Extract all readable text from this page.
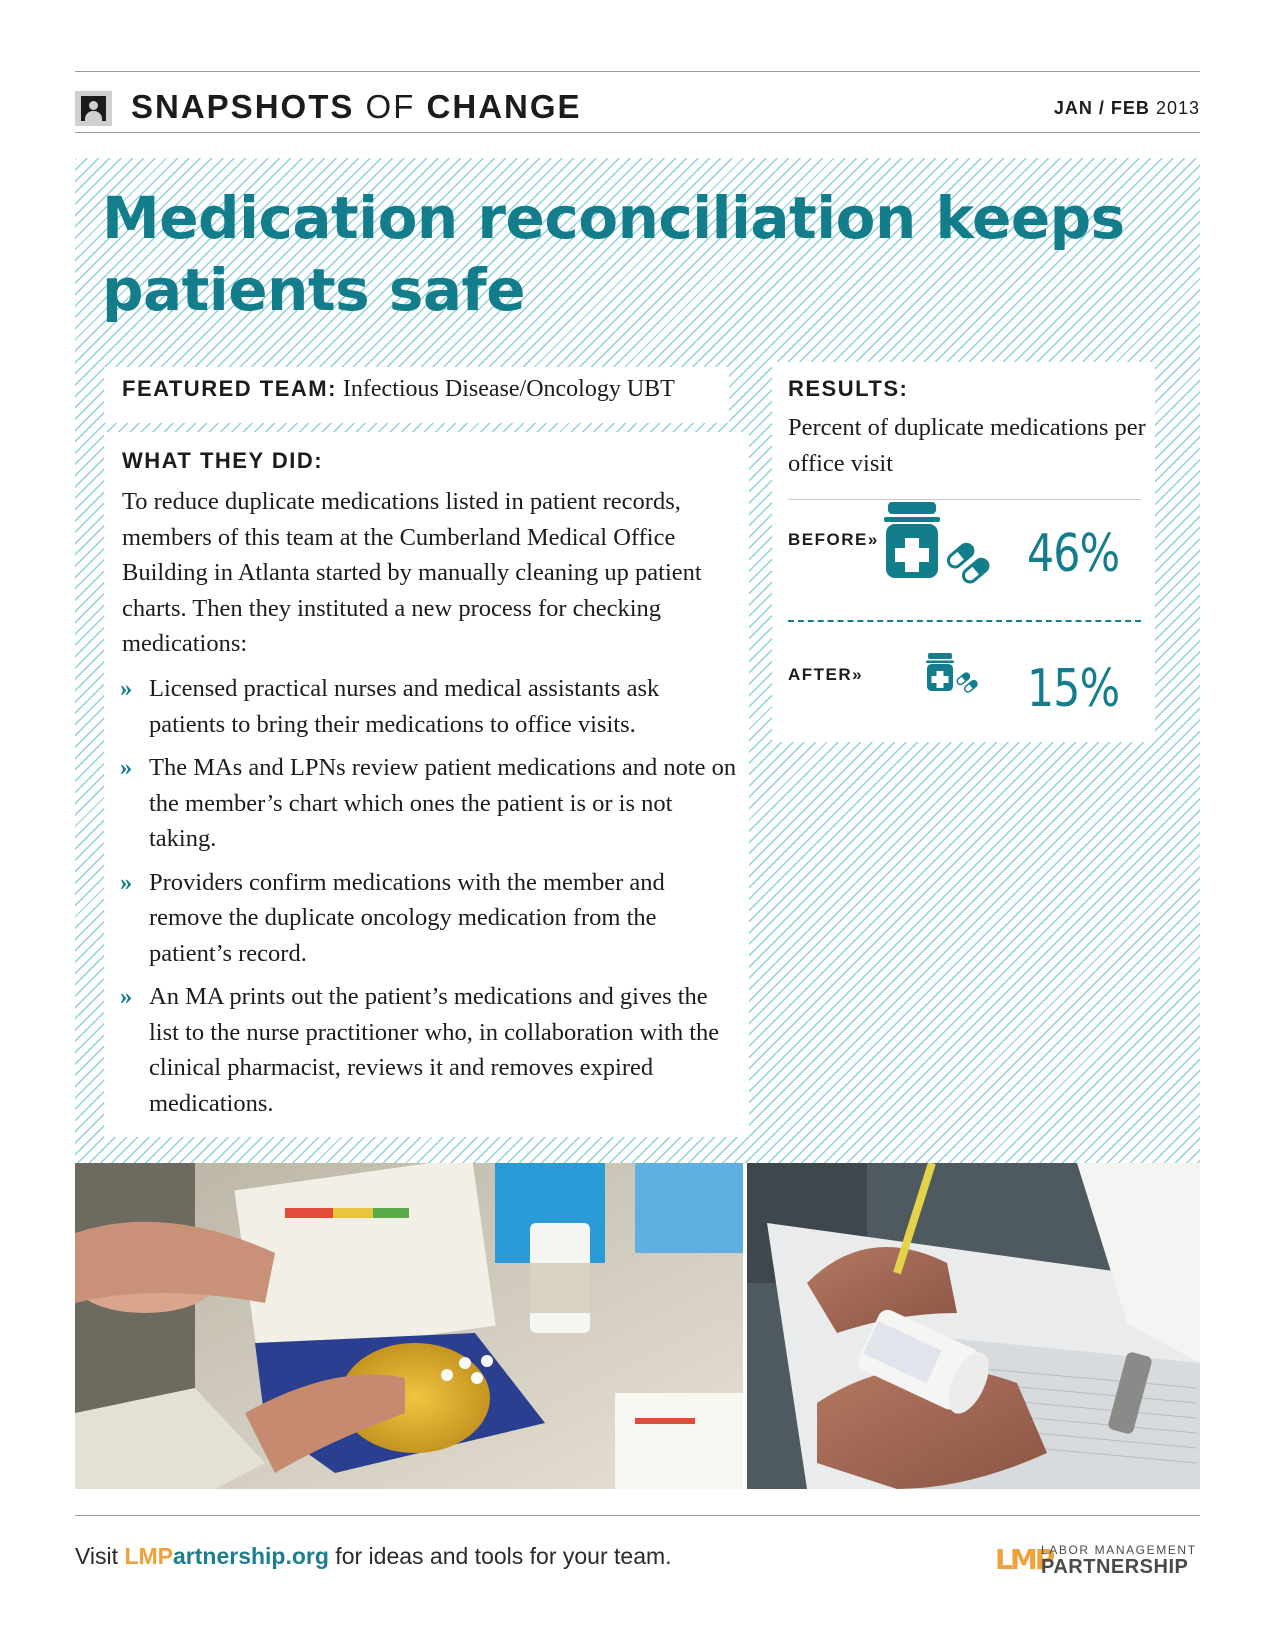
SNAPSHOTS OF CHANGE	JAN / FEB 2013
Medication reconciliation keeps patients safe
FEATURED TEAM: Infectious Disease/Oncology UBT
WHAT THEY DID:

To reduce duplicate medications listed in patient records, members of this team at the Cumberland Medical Office Building in Atlanta started by manually cleaning up patient charts. Then they instituted a new process for checking medications:

» Licensed practical nurses and medical assistants ask patients to bring their medications to office visits.
» The MAs and LPNs review patient medications and note on the member’s chart which ones the patient is or is not taking.
» Providers confirm medications with the member and remove the duplicate oncology medication from the patient’s record.
» An MA prints out the patient’s medications and gives the list to the nurse practitioner who, in collaboration with the clinical pharmacist, reviews it and removes expired medications.
RESULTS:

Percent of duplicate medications per office visit

BEFORE»	46%
AFTER»	15%
Visit LMPartnership.org for ideas and tools for your team.	LMP
LABOR MANAGEMENT
PARTNERSHIP
